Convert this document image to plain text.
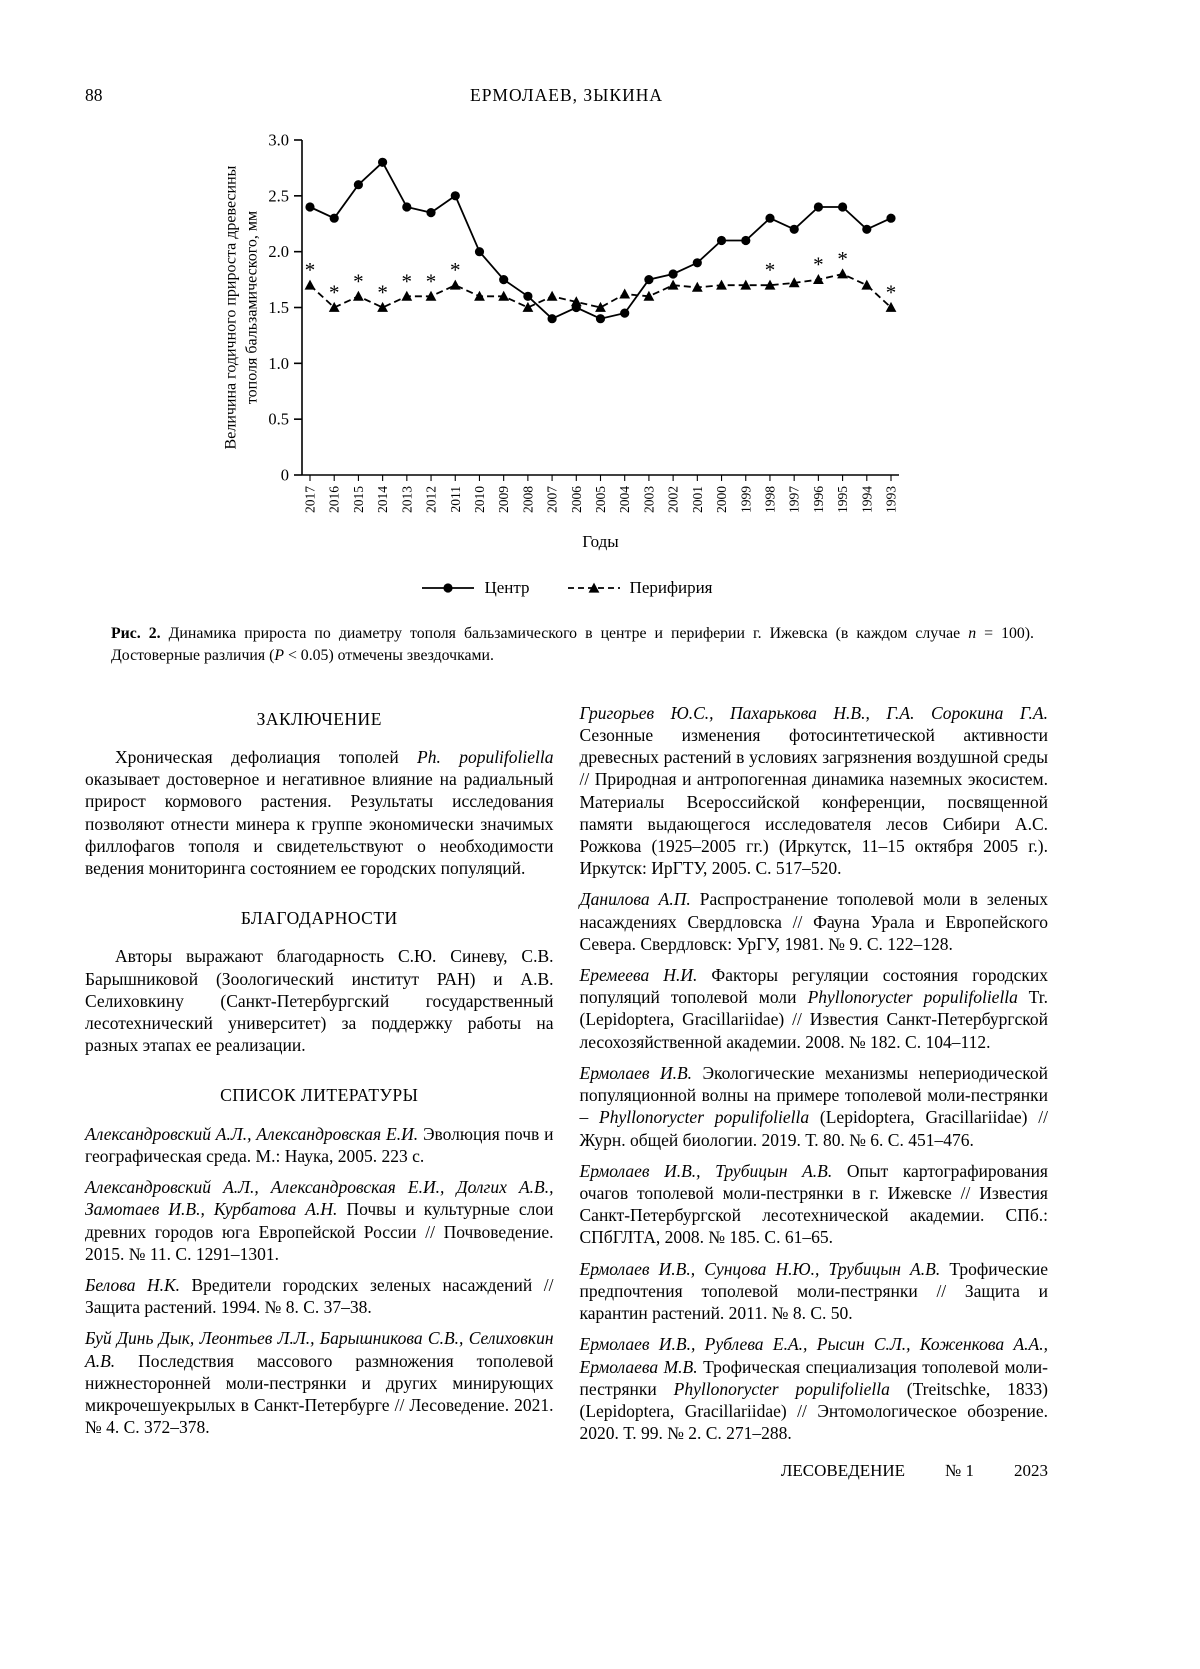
88	ЕРМОЛАЕВ, ЗЫКИНА
0
0.5
1.0
1.5
2.0
2.5
3.0
2017 2016 2015 2014 2013 2012 2011 2010 2009 2008 2007 2006 2005 2004 2003 2002 2001 2000 1999 1998 1997 1996 1995 1994 1993
Величина годичного прироста древесины тополя бальзамического, мм
Годы
*
* * * * * *	* * *
*
Центр	Перифирия
Рис. 2. Динамика прироста по диаметру тополя бальзамического в центре и периферии г. Ижевска (в каждом случае n = 100). Достоверные различия (P < 0.05) отмечены звездочками.
ЗАКЛЮЧЕНИЕ

Хроническая дефолиация тополей Ph. populifoliella оказывает достоверное и негативное влияние на радиальный прирост кормового растения. Результаты исследования позволяют отнести минера к группе экономически значимых филлофагов тополя и свидетельствуют о необходимости ведения мониторинга состоянием ее городских популяций.

БЛАГОДАРНОСТИ

Авторы выражают благодарность С.Ю. Синеву, С.В. Барышниковой (Зоологический институт РАН) и А.В. Селиховкину (Санкт-Петербургский государственный лесотехнический университет) за поддержку работы на разных этапах ее реализации.

СПИСОК ЛИТЕРАТУРЫ

Александровский А.Л., Александровская Е.И. Эволюция почв и географическая среда. М.: Наука, 2005. 223 с.

Александровский А.Л., Александровская Е.И., Долгих А.В., Замотаев И.В., Курбатова А.Н. Почвы и культурные слои древних городов юга Европейской России // Почвоведение. 2015. № 11. С. 1291–1301.

Белова Н.К. Вредители городских зеленых насаждений // Защита растений. 1994. № 8. С. 37–38.

Буй Динь Дык, Леонтьев Л.Л., Барышникова С.В., Селиховкин А.В. Последствия массового размножения тополевой нижнесторонней моли-пестрянки и других минирующих микрочешуекрылых в Санкт-Петербурге // Лесоведение. 2021. № 4. С. 372–378.

Григорьев Ю.С., Пахарькова Н.В., Г.А. Сорокина Г.А. Сезонные изменения фотосинтетической активности древесных растений в условиях загрязнения воздушной среды // Природная и антропогенная динамика наземных экосистем. Материалы Всероссийской конференции, посвященной памяти выдающегося исследователя лесов Сибири А.С. Рожкова (1925–2005 гг.) (Иркутск, 11–15 октября 2005 г.). Иркутск: ИрГТУ, 2005. С. 517–520.

Данилова А.П. Распространение тополевой моли в зеленых насаждениях Свердловска // Фауна Урала и Европейского Севера. Свердловск: УрГУ, 1981. № 9. С. 122–128.

Еремеева Н.И. Факторы регуляции состояния городских популяций тополевой моли Phyllonorycter populifoliella Tr. (Lepidoptera, Gracillariidae) // Известия Санкт-Петербургской лесохозяйственной академии. 2008. № 182. С. 104–112.

Ермолаев И.В. Экологические механизмы непериодической популяционной волны на примере тополевой моли-пестрянки – Phyllonorycter populifoliella (Lepidoptera, Gracillariidae) // Журн. общей биологии. 2019. Т. 80. № 6. С. 451–476.

Ермолаев И.В., Трубицын А.В. Опыт картографирования очагов тополевой моли-пестрянки в г. Ижевске // Известия Санкт-Петербургской лесотехнической академии. СПб.: СПбГЛТА, 2008. № 185. С. 61–65.

Ермолаев И.В., Сунцова Н.Ю., Трубицын А.В. Трофические предпочтения тополевой моли-пестрянки // Защита и карантин растений. 2011. № 8. С. 50.

Ермолаев И.В., Рублева Е.А., Рысин С.Л., Коженкова А.А., Ермолаева М.В. Трофическая специализация тополевой моли-пестрянки Phyllonorycter populifoliella (Treitschke, 1833) (Lepidoptera, Gracillariidae) // Энтомологическое обозрение. 2020. Т. 99. № 2. С. 271–288.

ЛЕСОВЕДЕНИЕ № 1 2023
